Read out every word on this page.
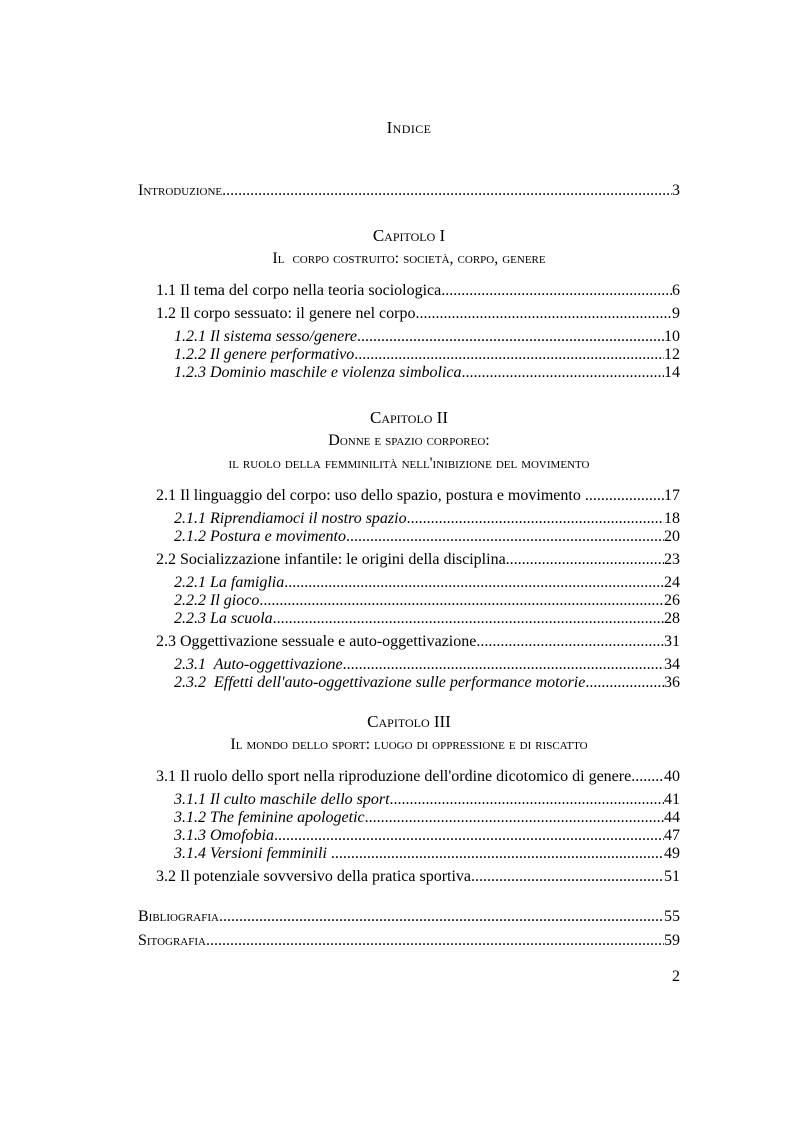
Indice
Introduzione .....	3
Capitolo I
Il  corpo costruito: società, corpo, genere
1.1 Il tema del corpo nella teoria sociologica .....	6
1.2 Il corpo sessuato: il genere nel corpo .....	9
1.2.1 Il sistema sesso/genere .....	10
1.2.2 Il genere performativo .....	12
1.2.3 Dominio maschile e violenza simbolica .....	14
Capitolo II
Donne e spazio corporeo:
il ruolo della femminilità nell'inibizione del movimento
2.1 Il linguaggio del corpo: uso dello spazio, postura e movimento .....	17
2.1.1 Riprendiamoci il nostro spazio .....	18
2.1.2 Postura e movimento .....	20
2.2 Socializzazione infantile: le origini della disciplina .....	23
2.2.1 La famiglia .....	24
2.2.2 Il gioco .....	26
2.2.3 La scuola .....	28
2.3 Oggettivazione sessuale e auto-oggettivazione .....	31
2.3.1  Auto-oggettivazione .....	34
2.3.2  Effetti dell'auto-oggettivazione sulle performance motorie .....	36
Capitolo III
Il mondo dello sport: luogo di oppressione e di riscatto
3.1 Il ruolo dello sport nella riproduzione dell'ordine dicotomico di genere ..... 40
3.1.1 Il culto maschile dello sport .....	41
3.1.2 The feminine apologetic .....	44
3.1.3 Omofobia .....	47
3.1.4 Versioni femminili .....	49
3.2 Il potenziale sovversivo della pratica sportiva .....	51
Bibliografia .....	55
Sitografia .....	59
2
